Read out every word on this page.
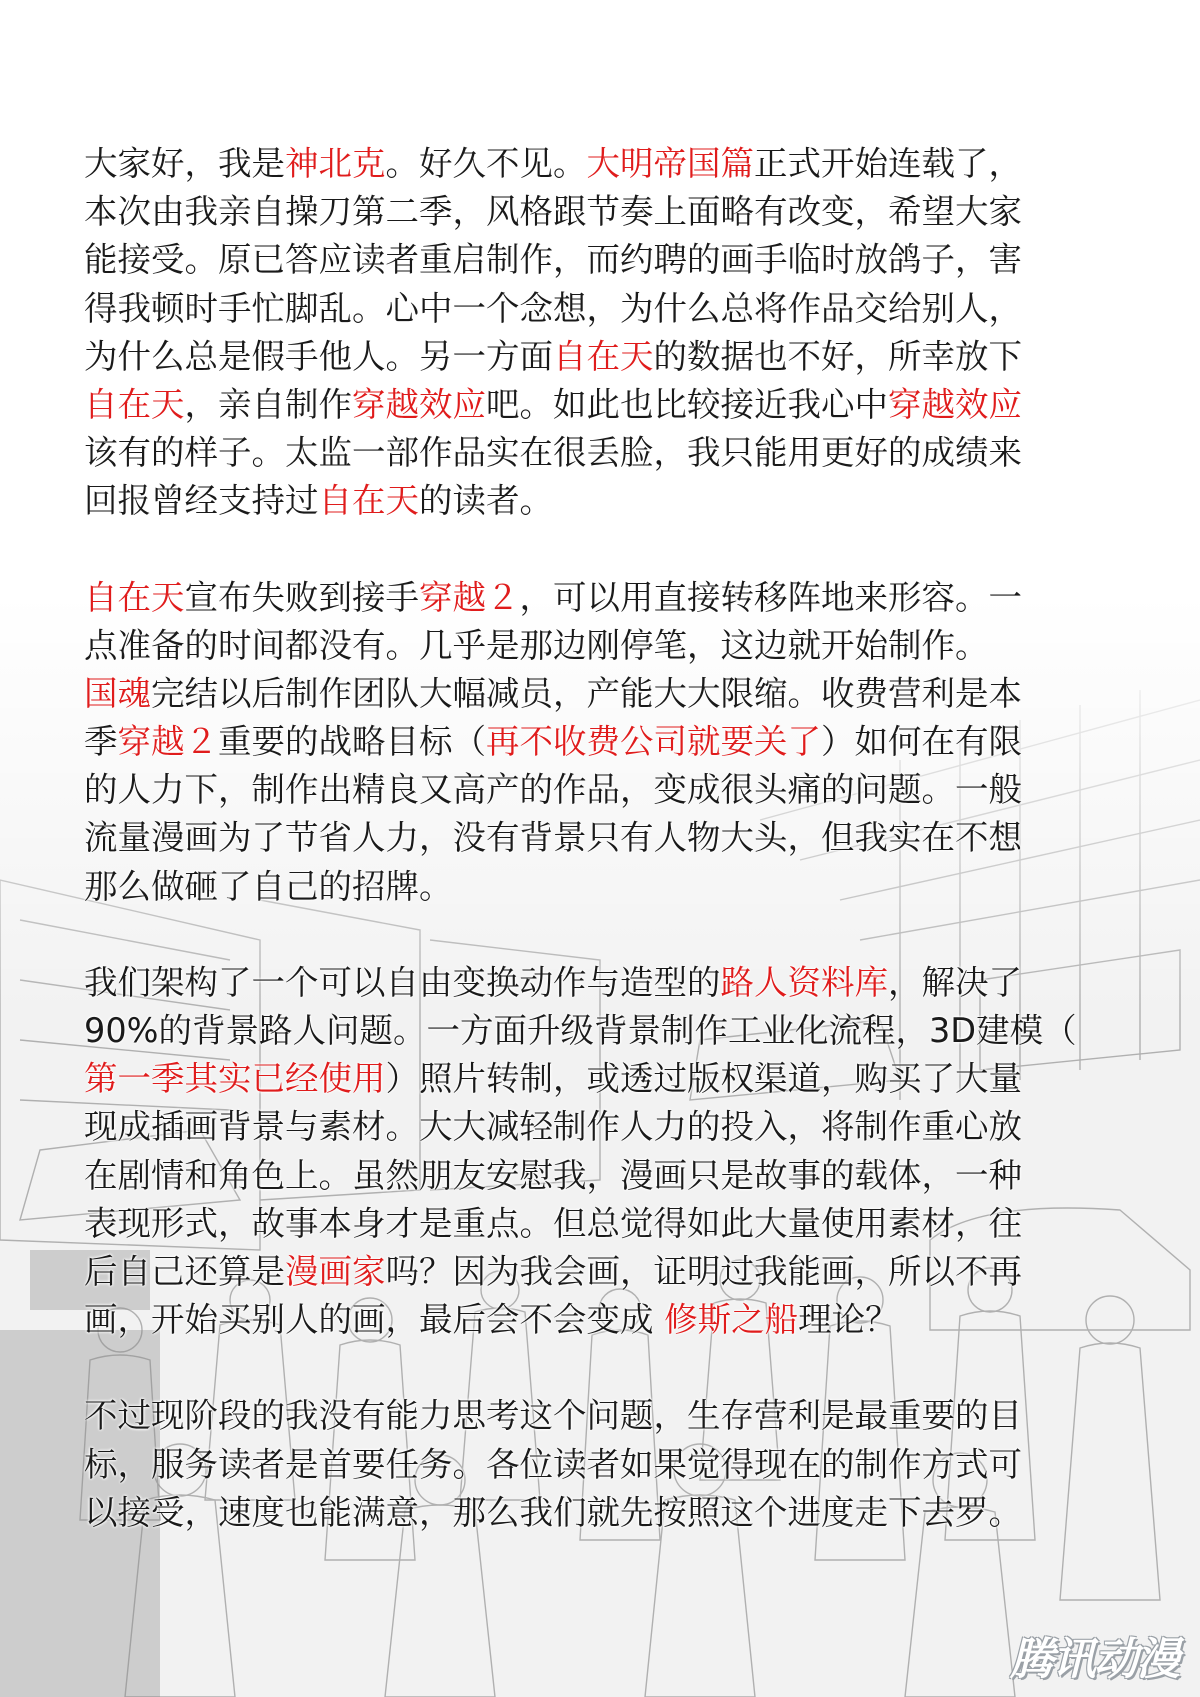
大家好，我是神北克。好久不见。大明帝国篇正式开始连载了，
本次由我亲自操刀第二季，风格跟节奏上面略有改变，希望大家
能接受。原已答应读者重启制作，而约聘的画手临时放鸽子，害
得我顿时手忙脚乱。心中一个念想，为什么总将作品交给别人，
为什么总是假手他人。另一方面自在天的数据也不好，所幸放下
自在天，亲自制作穿越效应吧。如此也比较接近我心中穿越效应
该有的样子。太监一部作品实在很丢脸，我只能用更好的成绩来
回报曾经支持过自在天的读者。
自在天宣布失败到接手穿越２，可以用直接转移阵地来形容。一
点准备的时间都没有。几乎是那边刚停笔，这边就开始制作。
国魂完结以后制作团队大幅减员，产能大大限缩。收费营利是本
季穿越２重要的战略目标（再不收费公司就要关了）如何在有限
的人力下，制作出精良又高产的作品，变成很头痛的问题。一般
流量漫画为了节省人力，没有背景只有人物大头，但我实在不想
那么做砸了自己的招牌。
我们架构了一个可以自由变换动作与造型的路人资料库，解决了
90%的背景路人问题。一方面升级背景制作工业化流程，3D建模（
第一季其实已经使用）照片转制，或透过版权渠道，购买了大量
现成插画背景与素材。大大减轻制作人力的投入，将制作重心放
在剧情和角色上。虽然朋友安慰我，漫画只是故事的载体，一种
表现形式，故事本身才是重点。但总觉得如此大量使用素材，往
后自己还算是漫画家吗？因为我会画，证明过我能画，所以不再
画，开始买别人的画，最后会不会变成 修斯之船理论？
不过现阶段的我没有能力思考这个问题，生存营利是最重要的目
标，服务读者是首要任务。各位读者如果觉得现在的制作方式可
以接受，速度也能满意，那么我们就先按照这个进度走下去罗。
腾讯动漫
